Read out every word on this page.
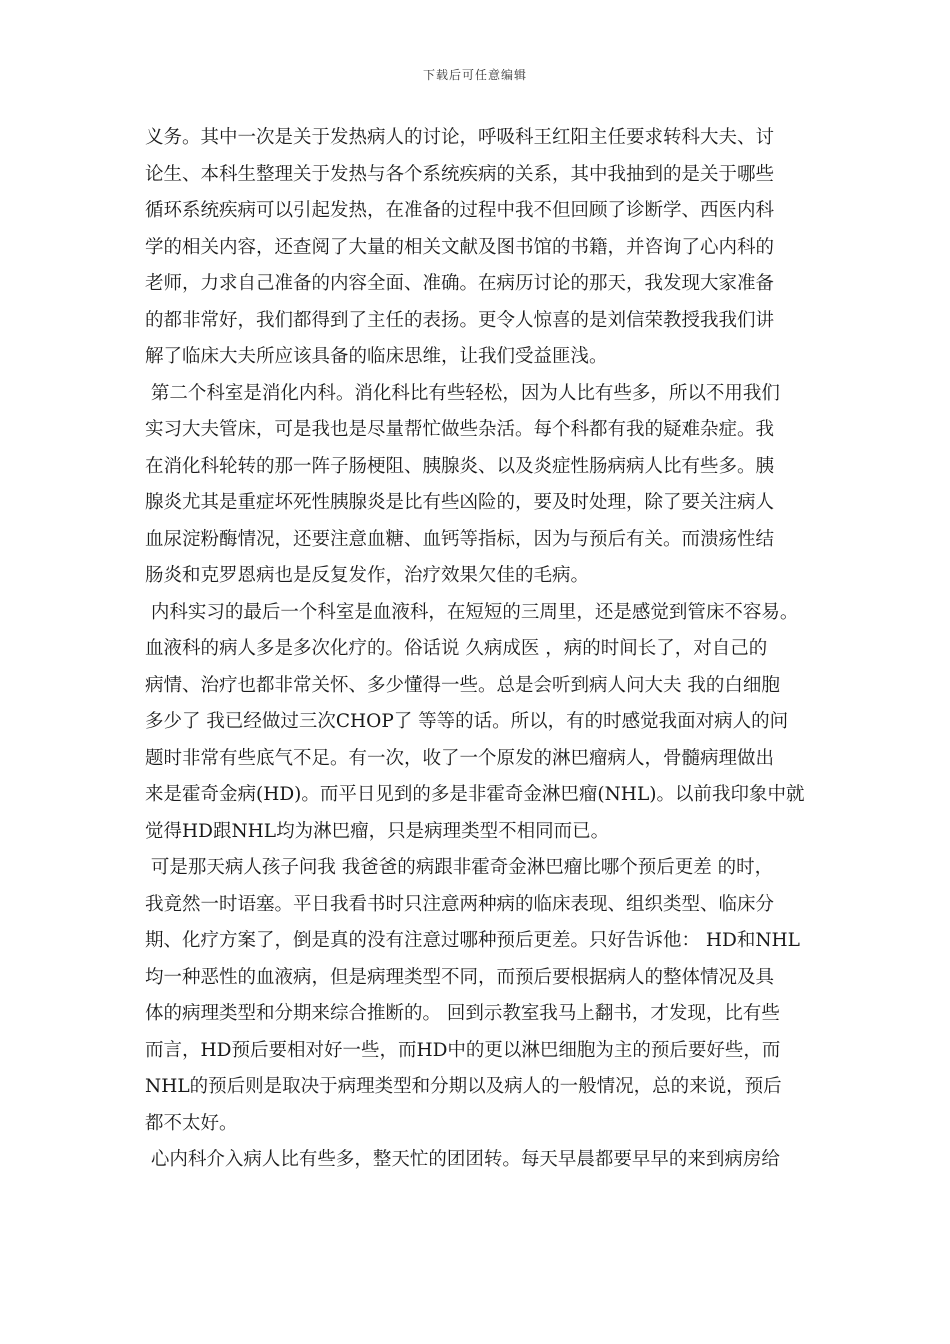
下载后可任意编辑
义务。其中一次是关于发热病人的讨论，呼吸科王红阳主任要求转科大夫、讨
论生、本科生整理关于发热与各个系统疾病的关系，其中我抽到的是关于哪些
循环系统疾病可以引起发热，在准备的过程中我不但回顾了诊断学、西医内科
学的相关内容，还查阅了大量的相关文献及图书馆的书籍，并咨询了心内科的
老师，力求自己准备的内容全面、准确。在病历讨论的那天，我发现大家准备
的都非常好，我们都得到了主任的表扬。更令人惊喜的是刘信荣教授我我们讲
解了临床大夫所应该具备的临床思维，让我们受益匪浅。
第二个科室是消化内科。消化科比有些轻松，因为人比有些多，所以不用我们
实习大夫管床，可是我也是尽量帮忙做些杂活。每个科都有我的疑难杂症。我
在消化科轮转的那一阵子肠梗阻、胰腺炎、以及炎症性肠病病人比有些多。胰
腺炎尤其是重症坏死性胰腺炎是比有些凶险的，要及时处理，除了要关注病人
血尿淀粉酶情况，还要注意血糖、血钙等指标，因为与预后有关。而溃疡性结
肠炎和克罗恩病也是反复发作，治疗效果欠佳的毛病。
内科实习的最后一个科室是血液科，在短短的三周里，还是感觉到管床不容易。
血液科的病人多是多次化疗的。俗话说 久病成医 ，病的时间长了，对自己的
病情、治疗也都非常关怀、多少懂得一些。总是会听到病人问大夫 我的白细胞
多少了 我已经做过三次CHOP了 等等的话。所以，有的时感觉我面对病人的问
题时非常有些底气不足。有一次，收了一个原发的淋巴瘤病人，骨髓病理做出
来是霍奇金病(HD)。而平日见到的多是非霍奇金淋巴瘤(NHL)。以前我印象中就
觉得HD跟NHL均为淋巴瘤，只是病理类型不相同而已。
可是那天病人孩子问我 我爸爸的病跟非霍奇金淋巴瘤比哪个预后更差 的时，
我竟然一时语塞。平日我看书时只注意两种病的临床表现、组织类型、临床分
期、化疗方案了，倒是真的没有注意过哪种预后更差。只好告诉他： HD和NHL
均一种恶性的血液病，但是病理类型不同，而预后要根据病人的整体情况及具
体的病理类型和分期来综合推断的。 回到示教室我马上翻书，才发现，比有些
而言，HD预后要相对好一些，而HD中的更以淋巴细胞为主的预后要好些，而
NHL的预后则是取决于病理类型和分期以及病人的一般情况，总的来说，预后
都不太好。
心内科介入病人比有些多，整天忙的团团转。每天早晨都要早早的来到病房给
